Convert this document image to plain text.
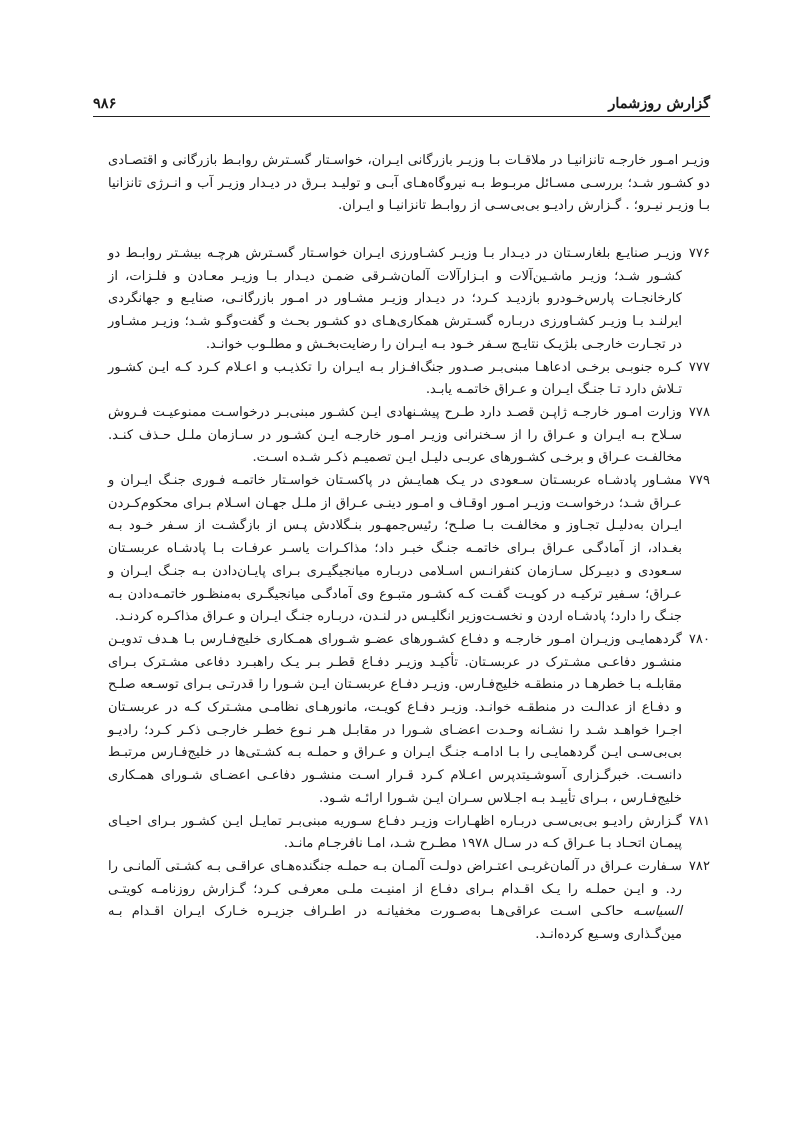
گزارش روزشمار
۹۸۶
وزیـر امـور خارجـه تانزانیـا در ملاقـات بـا وزیـر بازرگانی ایـران، خواسـتار گسـترش روابـط بازرگانی و اقتصـادی دو کشـور شـد؛ بررسـی مسـائل مربـوط بـه نیروگاه‌هـای آبـی و تولیـد بـرق در دیـدار وزیـر آب و انـرژی تانزانیا بـا وزیـر نیـرو؛ . گـزارش رادیـو بی‌بی‌سـی از روابـط تانزانیـا و ایـران.
۷۷۶
وزیـر صنایـع بلغارسـتان در دیـدار بـا وزیـر کشـاورزی ایـران خواسـتار گسـترش هرچـه بیشـتر روابـط دو کشـور شـد؛ وزیـر ماشـین‌آلات و ابـزارآلات آلمان‌شـرقی ضمـن دیـدار بـا وزیـر معـادن و فلـزات، از کارخانجـات پارس‌خـودرو بازدیـد کـرد؛ در دیـدار وزیـر مشـاور در امـور بازرگانـی، صنایـع و جهانگردی ایرلنـد بـا وزیـر کشـاورزی دربـاره گسـترش همکاری‌هـای دو کشـور بحـث و گفت‌وگـو شـد؛ وزیـر مشـاور در تجـارت خارجـی بلژیـک نتایـج سـفر خـود بـه ایـران را رضایت‌بخـش و مطلـوب خوانـد.
۷۷۷
کـره جنوبـی برخـی ادعاهـا مبنی‌بـر صـدور جنگ‌افـزار بـه ایـران را تکذیـب و اعـلام کـرد کـه ایـن کشـور تـلاش دارد تـا جنـگ ایـران و عـراق خاتمـه یابـد.
۷۷۸
وزارت امـور خارجـه ژاپـن قصـد دارد طـرح پیشـنهادی ایـن کشـور مبنی‌بـر درخواسـت ممنوعیـت فـروش سـلاح بـه ایـران و عـراق را از سـخنرانی وزیـر امـور خارجـه ایـن کشـور در سـازمان ملـل حـذف کنـد. مخالفـت عـراق و برخـی کشـورهای عربـی دلیـل ایـن تصمیـم ذکـر شـده اسـت.
۷۷۹
مشـاور پادشـاه عربسـتان سـعودی در یـک همایـش در پاکسـتان خواسـتار خاتمـه فـوری جنـگ ایـران و عـراق شـد؛ درخواسـت وزیـر امـور اوقـاف و امـور دینـی عـراق از ملـل جهـان اسـلام بـرای محکوم‌کـردن ایـران به‌دلیـل تجـاوز و مخالفـت بـا صلـح؛ رئیس‌جمهـور بنـگلادش پـس از بازگشـت از سـفر خـود بـه بغـداد، از آمادگـی عـراق بـرای خاتمـه جنـگ خبـر داد؛ مذاکـرات یاسـر عرفـات بـا پادشـاه عربسـتان سـعودی و دبیـرکل سـازمان کنفرانـس اسـلامی دربـاره میانجیگیـری بـرای پایـان‌دادن بـه جنـگ ایـران و عـراق؛ سـفیر ترکیـه در کویـت گفـت کـه کشـور متبـوع وی آمادگـی میانجیگـری به‌منظـور خاتمـه‌دادن بـه جنـگ را دارد؛ پادشـاه اردن و نخسـت‌وزیر انگلیـس در لنـدن، دربـاره جنـگ ایـران و عـراق مذاکـره کردنـد.
۷۸۰
گردهمایـی وزیـران امـور خارجـه و دفـاع کشـورهای عضـو شـورای همـکاری خلیج‌فـارس بـا هـدف تدویـن منشـور دفاعـی مشـترک در عربسـتان. تأکیـد وزیـر دفـاع قطـر بـر یـک راهبـرد دفاعی مشـترک بـرای مقابلـه بـا خطرهـا در منطقـه خلیج‌فـارس. وزیـر دفـاع عربسـتان ایـن شـورا را قدرتـی بـرای توسـعه صلـح و دفـاع از عدالـت در منطقـه خوانـد. وزیـر دفـاع کویـت، مانورهـای نظامـی مشـترک کـه در عربسـتان اجـرا خواهـد شـد را نشـانه وحـدت اعضـای شـورا در مقابـل هـر نـوع خطـر خارجـی ذکـر کـرد؛ رادیـو بی‌بی‌سـی ایـن گردهمایـی را بـا ادامـه جنـگ ایـران و عـراق و حملـه بـه کشـتی‌ها در خلیج‌فـارس مرتبـط دانسـت. خبرگـزاری آسوشـیتدپرس اعـلام کـرد قـرار اسـت منشـور دفاعـی اعضـای شـورای همـکاری خلیج‌فـارس ، بـرای تأییـد بـه اجـلاس سـران ایـن شـورا ارائـه شـود.
۷۸۱
گـزارش رادیـو بی‌بی‌سـی دربـاره اظهـارات وزیـر دفـاع سـوریه مبنی‌بـر تمایـل ایـن کشـور بـرای احیـای پیمـان اتحـاد بـا عـراق کـه در سـال ۱۹۷۸ مطـرح شـد، امـا نافرجـام مانـد.
۷۸۲
سـفارت عـراق در آلمان‌غربـی اعتـراض دولـت آلمـان بـه حملـه جنگنده‌هـای عراقـی بـه کشـتی آلمانـی را رد. و ایـن حملـه را یـک اقـدام بـرای دفـاع از امنیـت ملـی معرفـی کـرد؛ گـزارش روزنامـه کویتـی السیاسـه حاکـی اسـت عراقی‌هـا به‌صـورت مخفیانـه در اطـراف جزیـره خـارک ایـران اقـدام بـه مین‌گـذاری وسـیع کرده‌انـد.
